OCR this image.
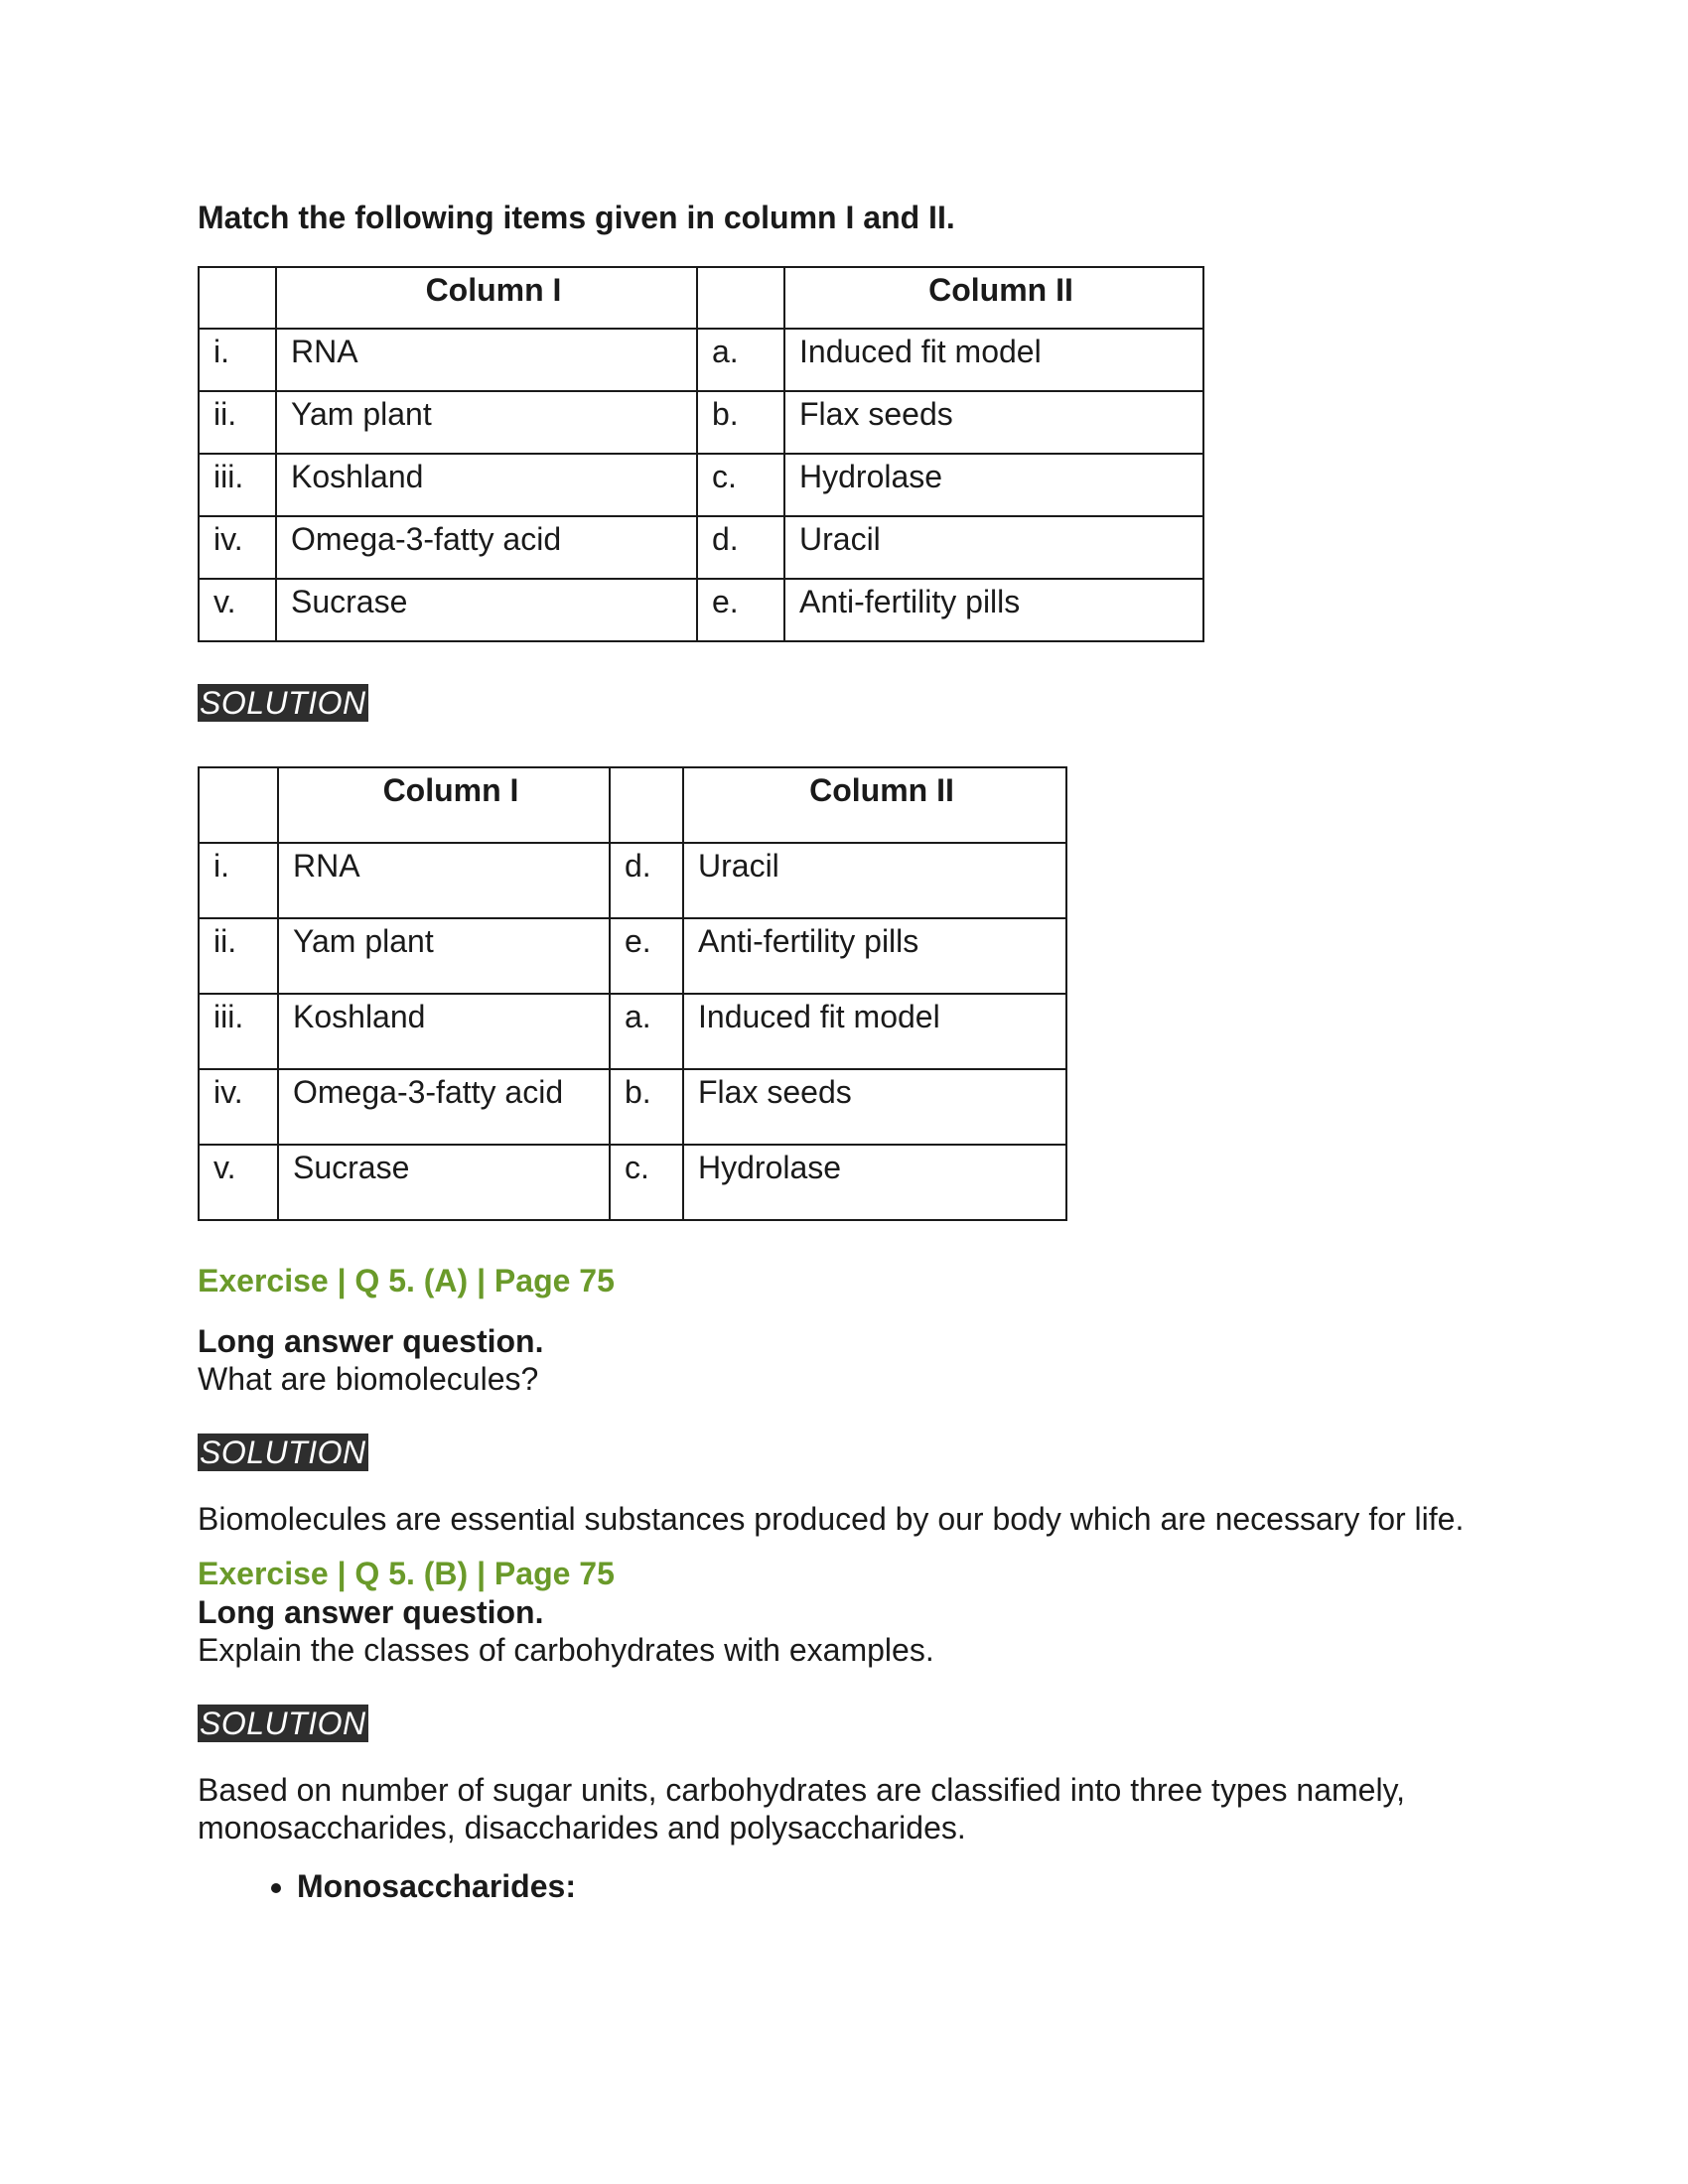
Match the following items given in column I and II.
	Column I		Column II
i.	RNA	a.	Induced fit model
ii.	Yam plant	b.	Flax seeds
iii.	Koshland	c.	Hydrolase
iv.	Omega-3-fatty acid	d.	Uracil
v.	Sucrase	e.	Anti-fertility pills
SOLUTION
	Column I		Column II
i.	RNA	d.	Uracil
ii.	Yam plant	e.	Anti-fertility pills
iii.	Koshland	a.	Induced fit model
iv.	Omega-3-fatty acid	b.	Flax seeds
v.	Sucrase	c.	Hydrolase
Exercise | Q 5. (A) | Page 75
Long answer question.
What are biomolecules?
SOLUTION
Biomolecules are essential substances produced by our body which are necessary for life.
Exercise | Q 5. (B) | Page 75
Long answer question.
Explain the classes of carbohydrates with examples.
SOLUTION
Based on number of sugar units, carbohydrates are classified into three types namely, monosaccharides, disaccharides and polysaccharides.
• Monosaccharides:
